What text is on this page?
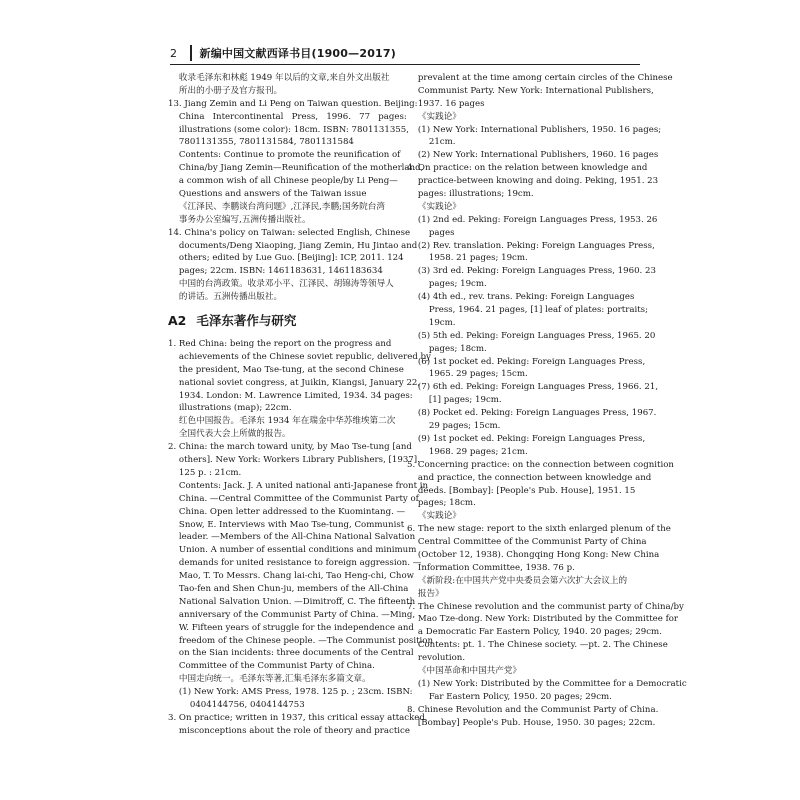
2	新编中国文献西译书目(1900—2017)
收录毛泽东和林彪 1949 年以后的文章,来自外文出版社
所出的小册子及官方报刊。
13. Jiang Zemin and Li Peng on Taiwan question. Beijing:
China   Intercontinental   Press,   1996.   77   pages:
illustrations (some color): 18cm. ISBN: 7801131355,
7801131355, 7801131584, 7801131584
Contents: Continue to promote the reunification of
China/by Jiang Zemin—Reunification of the motherland,
a common wish of all Chinese people/by Li Peng—
Questions and answers of the Taiwan issue
《江泽民、李鹏谈台湾问题》,江泽民,李鹏;国务院台湾
事务办公室编写,五洲传播出版社。
14. China's policy on Taiwan: selected English, Chinese
documents/Deng Xiaoping, Jiang Zemin, Hu Jintao and
others; edited by Lue Guo. [Beijing]: ICP, 2011. 124
pages; 22cm. ISBN: 1461183631, 1461183634
中国的台湾政策。收录邓小平、江泽民、胡锦涛等领导人
的讲话。五洲传播出版社。
A2 毛泽东著作与研究
1. Red China: being the report on the progress and
achievements of the Chinese soviet republic, delivered by
the president, Mao Tse-tung, at the second Chinese
national soviet congress, at Juikin, Kiangsi, January 22,
1934. London: M. Lawrence Limited, 1934. 34 pages:
illustrations (map); 22cm.
红色中国报告。毛泽东 1934 年在瑞金中华苏维埃第二次
全国代表大会上所做的报告。
2. China: the march toward unity, by Mao Tse-tung [and
others]. New York: Workers Library Publishers, [1937].
125 p. : 21cm.
Contents: Jack. J. A united national anti-Japanese front in
China. —Central Committee of the Communist Party of
China. Open letter addressed to the Kuomintang. —
Snow, E. Interviews with Mao Tse-tung, Communist
leader. —Members of the All-China National Salvation
Union. A number of essential conditions and minimum
demands for united resistance to foreign aggression. —
Mao, T. To Messrs. Chang lai-chi, Tao Heng-chi, Chow
Tao-fen and Shen Chun-ju, members of the All-China
National Salvation Union. —Dimitroff, C. The fifteenth
anniversary of the Communist Party of China. —Ming,
W. Fifteen years of struggle for the independence and
freedom of the Chinese people. —The Communist position
on the Sian incidents: three documents of the Central
Committee of the Communist Party of China.
中国走向统一。毛泽东等著,汇集毛泽东多篇文章。
(1) New York: AMS Press, 1978. 125 p. ; 23cm. ISBN:
0404144756, 0404144753
3. On practice; written in 1937, this critical essay attacked
misconceptions about the role of theory and practice
prevalent at the time among certain circles of the Chinese
Communist Party. New York: International Publishers,
1937. 16 pages
《实践论》
(1) New York: International Publishers, 1950. 16 pages;
21cm.
(2) New York: International Publishers, 1960. 16 pages
4. On practice: on the relation between knowledge and
practice-between knowing and doing. Peking, 1951. 23
pages: illustrations; 19cm.
《实践论》
(1) 2nd ed. Peking: Foreign Languages Press, 1953. 26
pages
(2) Rev. translation. Peking: Foreign Languages Press,
1958. 21 pages; 19cm.
(3) 3rd ed. Peking: Foreign Languages Press, 1960. 23
pages; 19cm.
(4) 4th ed., rev. trans. Peking: Foreign Languages
Press, 1964. 21 pages, [1] leaf of plates: portraits;
19cm.
(5) 5th ed. Peking: Foreign Languages Press, 1965. 20
pages; 18cm.
(6) 1st pocket ed. Peking: Foreign Languages Press,
1965. 29 pages; 15cm.
(7) 6th ed. Peking: Foreign Languages Press, 1966. 21,
[1] pages; 19cm.
(8) Pocket ed. Peking: Foreign Languages Press, 1967.
29 pages; 15cm.
(9) 1st pocket ed. Peking: Foreign Languages Press,
1968. 29 pages; 21cm.
5. Concerning practice: on the connection between cognition
and practice, the connection between knowledge and
deeds. [Bombay]: [People's Pub. House], 1951. 15
pages; 18cm.
《实践论》
6. The new stage: report to the sixth enlarged plenum of the
Central Committee of the Communist Party of China
(October 12, 1938). Chongqing Hong Kong: New China
Information Committee, 1938. 76 p.
《新阶段:在中国共产党中央委员会第六次扩大会议上的
报告》
7. The Chinese revolution and the communist party of China/by
Mao Tze-dong. New York: Distributed by the Committee for
a Democratic Far Eastern Policy, 1940. 20 pages; 29cm.
Contents: pt. 1. The Chinese society. —pt. 2. The Chinese
revolution.
《中国革命和中国共产党》
(1) New York: Distributed by the Committee for a Democratic
Far Eastern Policy, 1950. 20 pages; 29cm.
8. Chinese Revolution and the Communist Party of China.
[Bombay] People's Pub. House, 1950. 30 pages; 22cm.
